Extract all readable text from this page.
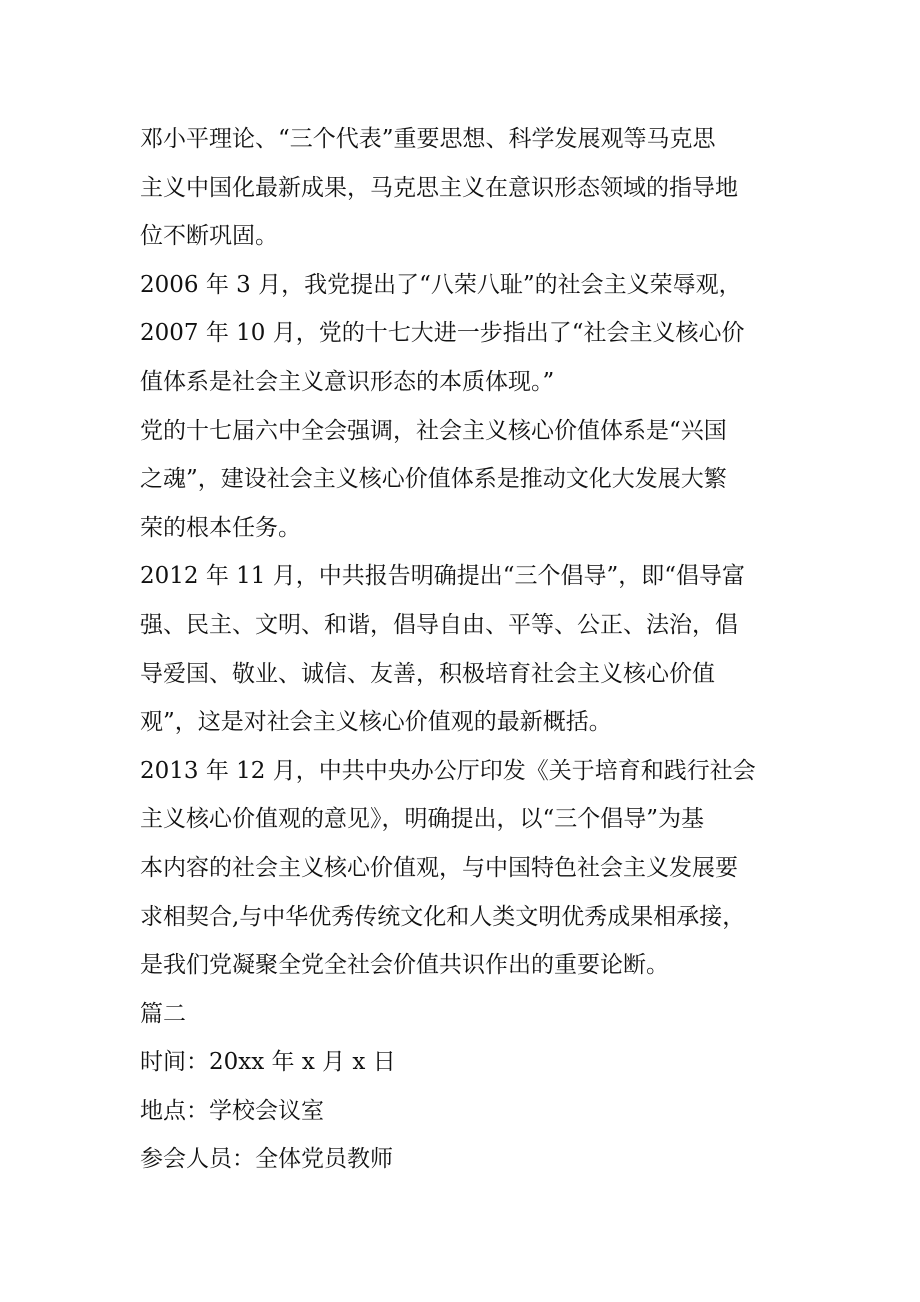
邓小平理论、“三个代表”重要思想、科学发展观等马克思
主义中国化最新成果，马克思主义在意识形态领域的指导地
位不断巩固。
2006 年 3 月，我党提出了“八荣八耻”的社会主义荣辱观，
2007 年 10 月，党的十七大进一步指出了“社会主义核心价
值体系是社会主义意识形态的本质体现。”
党的十七届六中全会强调，社会主义核心价值体系是“兴国
之魂”，建设社会主义核心价值体系是推动文化大发展大繁
荣的根本任务。
2012 年 11 月，中共报告明确提出“三个倡导”，即“倡导富
强、民主、文明、和谐，倡导自由、平等、公正、法治，倡
导爱国、敬业、诚信、友善，积极培育社会主义核心价值
观”，这是对社会主义核心价值观的最新概括。
2013 年 12 月，中共中央办公厅印发《关于培育和践行社会
主义核心价值观的意见》，明确提出，以“三个倡导”为基
本内容的社会主义核心价值观，与中国特色社会主义发展要
求相契合,与中华优秀传统文化和人类文明优秀成果相承接，
是我们党凝聚全党全社会价值共识作出的重要论断。
篇二
时间：20xx 年 x 月 x 日
地点：学校会议室
参会人员：全体党员教师
